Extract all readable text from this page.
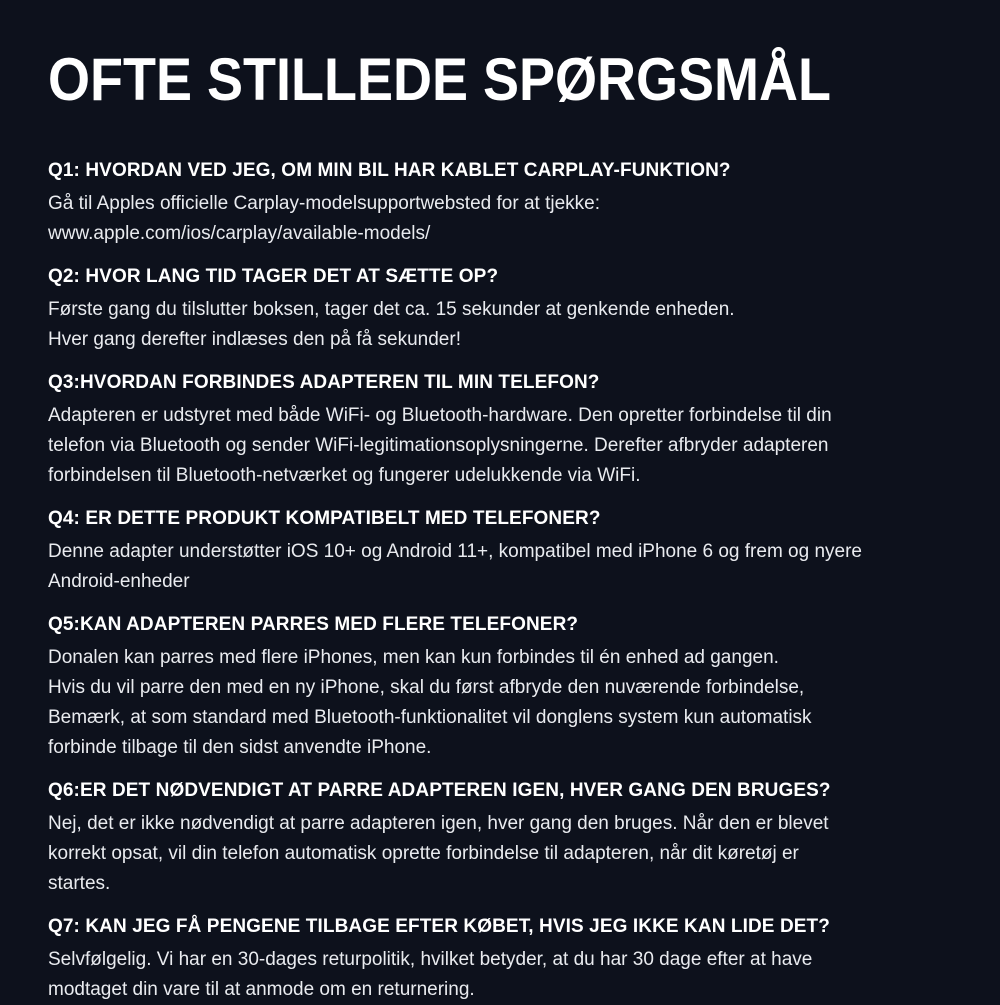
OFTE STILLEDE SPØRGSMÅL
Q1: HVORDAN VED JEG, OM MIN BIL HAR KABLET CARPLAY-FUNKTION?
Gå til Apples officielle Carplay-modelsupportwebsted for at tjekke:
www.apple.com/ios/carplay/available-models/
Q2: HVOR LANG TID TAGER DET AT SÆTTE OP?
Første gang du tilslutter boksen, tager det ca. 15 sekunder at genkende enheden.
Hver gang derefter indlæses den på få sekunder!
Q3:HVORDAN FORBINDES ADAPTEREN TIL MIN TELEFON?
Adapteren er udstyret med både WiFi- og Bluetooth-hardware. Den opretter forbindelse til din
telefon via Bluetooth og sender WiFi-legitimationsoplysningerne. Derefter afbryder adapteren
forbindelsen til Bluetooth-netværket og fungerer udelukkende via WiFi.
Q4: ER DETTE PRODUKT KOMPATIBELT MED TELEFONER?
Denne adapter understøtter iOS 10+ og Android 11+, kompatibel med iPhone 6 og frem og nyere
Android-enheder
Q5:KAN ADAPTEREN PARRES MED FLERE TELEFONER?
Donalen kan parres med flere iPhones, men kan kun forbindes til én enhed ad gangen.
Hvis du vil parre den med en ny iPhone, skal du først afbryde den nuværende forbindelse,
Bemærk, at som standard med Bluetooth-funktionalitet vil donglens system kun automatisk
forbinde tilbage til den sidst anvendte iPhone.
Q6:ER DET NØDVENDIGT AT PARRE ADAPTEREN IGEN, HVER GANG DEN BRUGES?
Nej, det er ikke nødvendigt at parre adapteren igen, hver gang den bruges. Når den er blevet
korrekt opsat, vil din telefon automatisk oprette forbindelse til adapteren, når dit køretøj er
startes.
Q7: KAN JEG FÅ PENGENE TILBAGE EFTER KØBET, HVIS JEG IKKE KAN LIDE DET?
Selvfølgelig. Vi har en 30-dages returpolitik, hvilket betyder, at du har 30 dage efter at have
modtaget din vare til at anmode om en returnering.
